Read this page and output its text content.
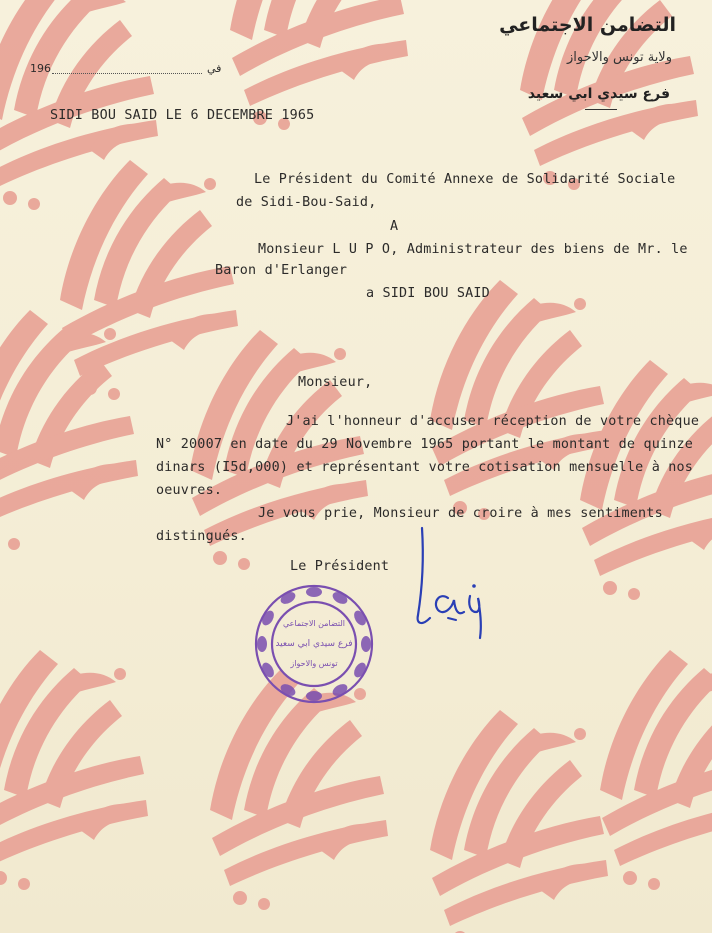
التضامن الاجتماعي
ولاية تونس والاحواز
فرع سيدي ابي سعيد
196	في
SIDI BOU SAID LE 6 DECEMBRE 1965
Le Président du Comité Annexe de Solidarité Sociale
de Sidi-Bou-Said,
A
Monsieur L U P O, Administrateur des biens de Mr. le
Baron d'Erlanger
a SIDI BOU SAID
Monsieur,
J'ai l'honneur d'accuser réception de votre chèque
N° 20007 en date du 29 Novembre 1965 portant le montant de quinze
dinars (I5d,000) et représentant votre cotisation mensuelle à nos
oeuvres.
Je vous prie, Monsieur de croire à mes sentiments
distingués.
Le Président
التضامن الاجتماعي
فرع سيدي ابي سعيد
تونس والاحواز
